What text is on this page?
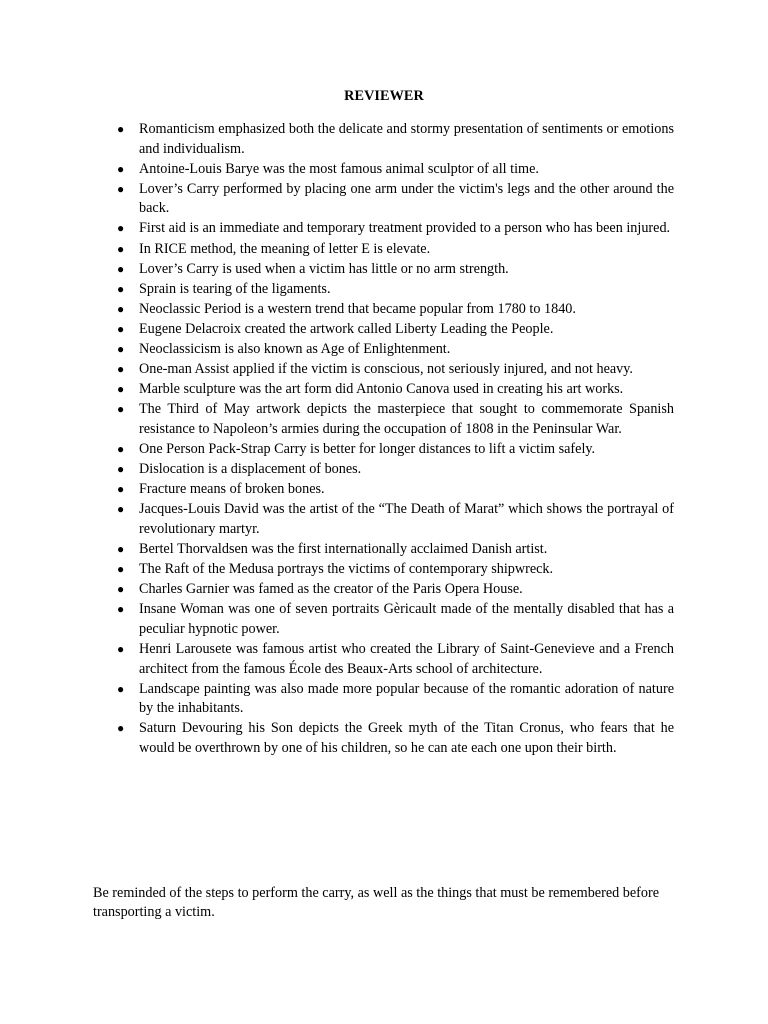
REVIEWER
● Romanticism emphasized both the delicate and stormy presentation of sentiments or emotions and individualism.
● Antoine-Louis Barye was the most famous animal sculptor of all time.
● Lover’s Carry performed by placing one arm under the victim's legs and the other around the back.
● First aid is an immediate and temporary treatment provided to a person who has been injured.
● In RICE method, the meaning of letter E is elevate.
● Lover’s Carry is used when a victim has little or no arm strength.
● Sprain is tearing of the ligaments.
● Neoclassic Period is a western trend that became popular from 1780 to 1840.
● Eugene Delacroix created the artwork called Liberty Leading the People.
● Neoclassicism is also known as Age of Enlightenment.
● One-man Assist applied if the victim is conscious, not seriously injured, and not heavy.
● Marble sculpture was the art form did Antonio Canova used in creating his art works.
● The Third of May artwork depicts the masterpiece that sought to commemorate Spanish resistance to Napoleon’s armies during the occupation of 1808 in the Peninsular War.
● One Person Pack-Strap Carry is better for longer distances to lift a victim safely.
● Dislocation is a displacement of bones.
● Fracture means of broken bones.
● Jacques-Louis David was the artist of the “The Death of Marat” which shows the portrayal of revolutionary martyr.
● Bertel Thorvaldsen was the first internationally acclaimed Danish artist.
● The Raft of the Medusa portrays the victims of contemporary shipwreck.
● Charles Garnier was famed as the creator of the Paris Opera House.
● Insane Woman was one of seven portraits Gèricault made of the mentally disabled that has a peculiar hypnotic power.
● Henri Larousete was famous artist who created the Library of Saint-Genevieve and a French architect from the famous École des Beaux-Arts school of architecture.
● Landscape painting was also made more popular because of the romantic adoration of nature by the inhabitants.
● Saturn Devouring his Son depicts the Greek myth of the Titan Cronus, who fears that he would be overthrown by one of his children, so he can ate each one upon their birth.
Be reminded of the steps to perform the carry, as well as the things that must be remembered before transporting a victim.
